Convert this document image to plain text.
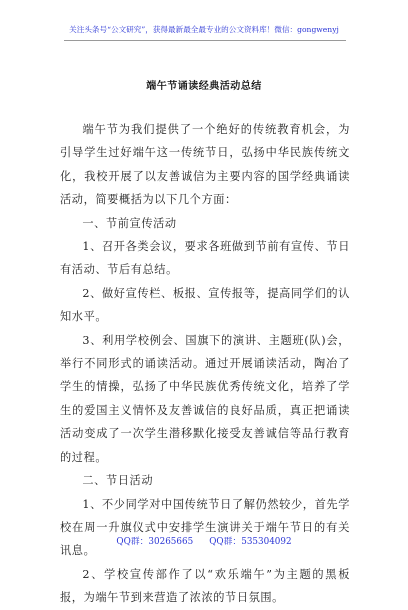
关注头条号“公文研究”，获得最新最全最专业的公文资料库！微信：gongwenyj
端午节诵读经典活动总结

端午节为我们提供了一个绝好的传统教育机会，为引导学生过好端午这一传统节日，弘扬中华民族传统文化，我校开展了以友善诚信为主要内容的国学经典诵读活动，简要概括为以下几个方面：

一、节前宣传活动

1、召开各类会议，要求各班做到节前有宣传、节日有活动、节后有总结。

2、做好宣传栏、板报、宣传报等，提高同学们的认知水平。

3、利用学校例会、国旗下的演讲、主题班(队)会，举行不同形式的诵读活动。通过开展诵读活动，陶冶了学生的情操，弘扬了中华民族优秀传统文化，培养了学生的爱国主义情怀及友善诚信的良好品质，真正把诵读活动变成了一次学生潜移默化接受友善诚信等品行教育的过程。

二、节日活动

1、不少同学对中国传统节日了解仍然较少，首先学校在周一升旗仪式中安排学生演讲关于端午节日的有关讯息。

2、学校宣传部作了以“欢乐端午”为主题的黑板报，为端午节到来营造了浓浓的节日氛围。

QQ群：30265665 QQ群：535304092
